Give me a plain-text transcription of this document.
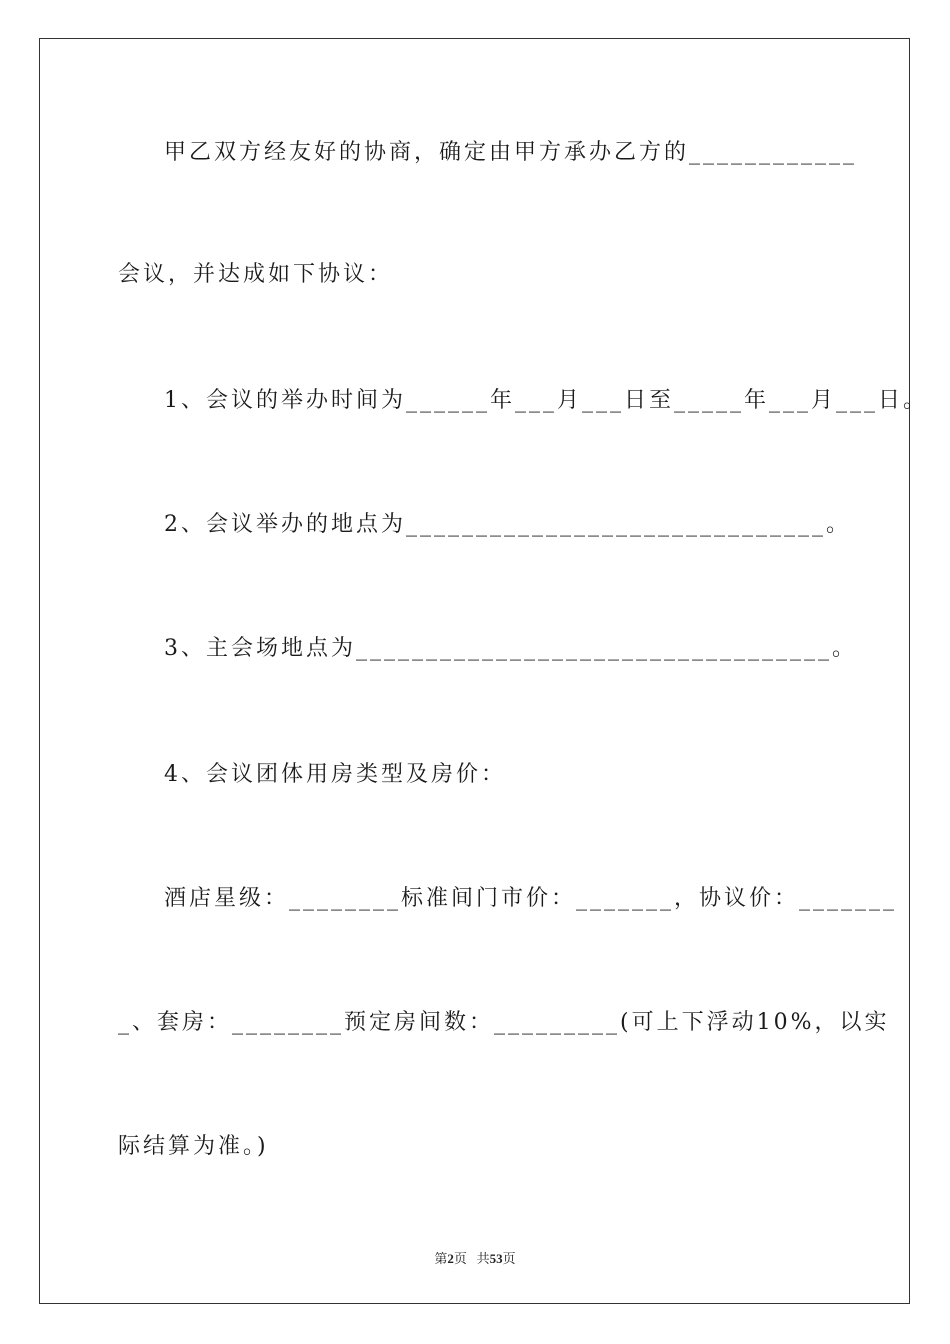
甲乙双方经友好的协商，确定由甲方承办乙方的____________
会议，并达成如下协议：
1、会议的举办时间为______年___月___日至_____年___月___日。
2、会议举办的地点为______________________________。
3、主会场地点为__________________________________。
4、会议团体用房类型及房价：
酒店星级：________标准间门市价：_______，协议价：_______
_、套房：________预定房间数：_________(可上下浮动10%，以实
际结算为准。)
第2页 共53页
